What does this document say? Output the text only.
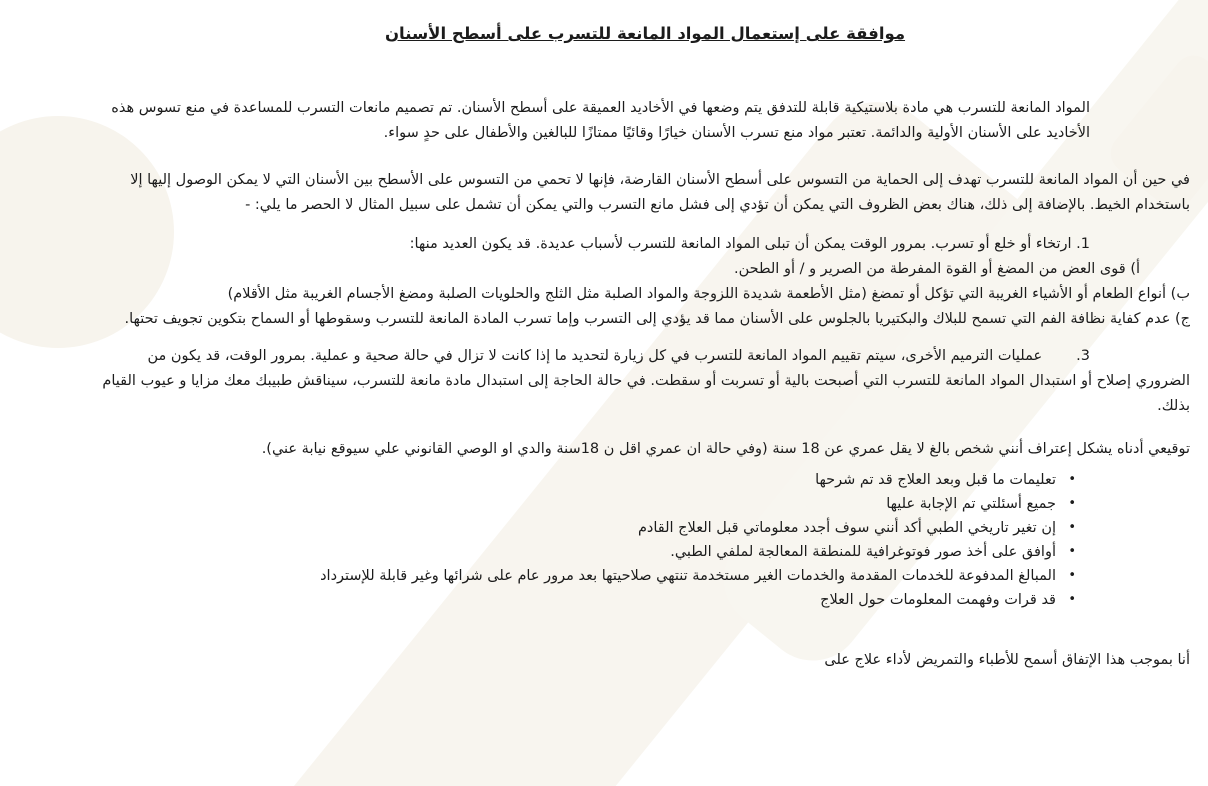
موافقة على إستعمال المواد المانعة للتسرب على أسطح الأسنان

المواد المانعة للتسرب هي مادة بلاستيكية قابلة للتدفق يتم وضعها في الأخاديد العميقة على أسطح الأسنان. تم تصميم مانعات التسرب للمساعدة في منع تسوس هذه الأخاديد على الأسنان الأولية والدائمة. تعتبر مواد منع تسرب الأسنان خيارًا وقائيًا ممتازًا للبالغين والأطفال على حدٍ سواء.

في حين أن المواد المانعة للتسرب تهدف إلى الحماية من التسوس على أسطح الأسنان القارضة، فإنها لا تحمي من التسوس على الأسطح بين الأسنان التي لا يمكن الوصول إليها إلا باستخدام الخيط. بالإضافة إلى ذلك، هناك بعض الظروف التي يمكن أن تؤدي إلى فشل مانع التسرب والتي يمكن أن تشمل على سبيل المثال لا الحصر ما يلي: -

1. ارتخاء أو خلع أو تسرب. بمرور الوقت يمكن أن تبلى المواد المانعة للتسرب لأسباب عديدة. قد يكون العديد منها:
أ) قوى العض من المضغ أو القوة المفرطة من الصرير و / أو الطحن.
ب) أنواع الطعام أو الأشياء الغريبة التي تؤكل أو تمضغ (مثل الأطعمة شديدة اللزوجة والمواد الصلبة مثل الثلج والحلويات الصلبة ومضغ الأجسام الغريبة مثل الأقلام)
ج) عدم كفاية نظافة الفم التي تسمح للبلاك والبكتيريا بالجلوس على الأسنان مما قد يؤدي إلى التسرب وإما تسرب المادة المانعة للتسرب وسقوطها أو السماح بتكوين تجويف تحتها.
3.عمليات الترميم الأخرى، سيتم تقييم المواد المانعة للتسرب في كل زيارة لتحديد ما إذا كانت لا تزال في حالة صحية و عملية. بمرور الوقت، قد يكون من الضروري إصلاح أو استبدال المواد المانعة للتسرب التي أصبحت بالية أو تسربت أو سقطت. في حالة الحاجة إلى استبدال مادة مانعة للتسرب، سيناقش طبيبك معك مزايا و عيوب القيام بذلك.

توقيعي أدناه يشكل إعتراف أنني شخص بالغ لا يقل عمري عن 18 سنة (وفي حالة ان عمري اقل ن 18سنة والدي او الوصي القانوني علي سيوقع نيابة عني).

• تعليمات ما قبل وبعد العلاج قد تم شرحها
• جميع أسئلتي تم الإجابة عليها
• إن تغير تاريخي الطبي أكد أنني سوف أجدد معلوماتي قبل العلاج القادم
• أوافق على أخذ صور فوتوغرافية للمنطقة المعالجة لملفي الطبي.
• المبالغ المدفوعة للخدمات المقدمة والخدمات الغير مستخدمة تنتهي صلاحيتها بعد مرور عام على شرائها وغير قابلة للإسترداد
• قد قرات وفهمت المعلومات حول العلاج

أنا بموجب هذا الإتفاق أسمح للأطباء والتمريض لأداء علاج على
